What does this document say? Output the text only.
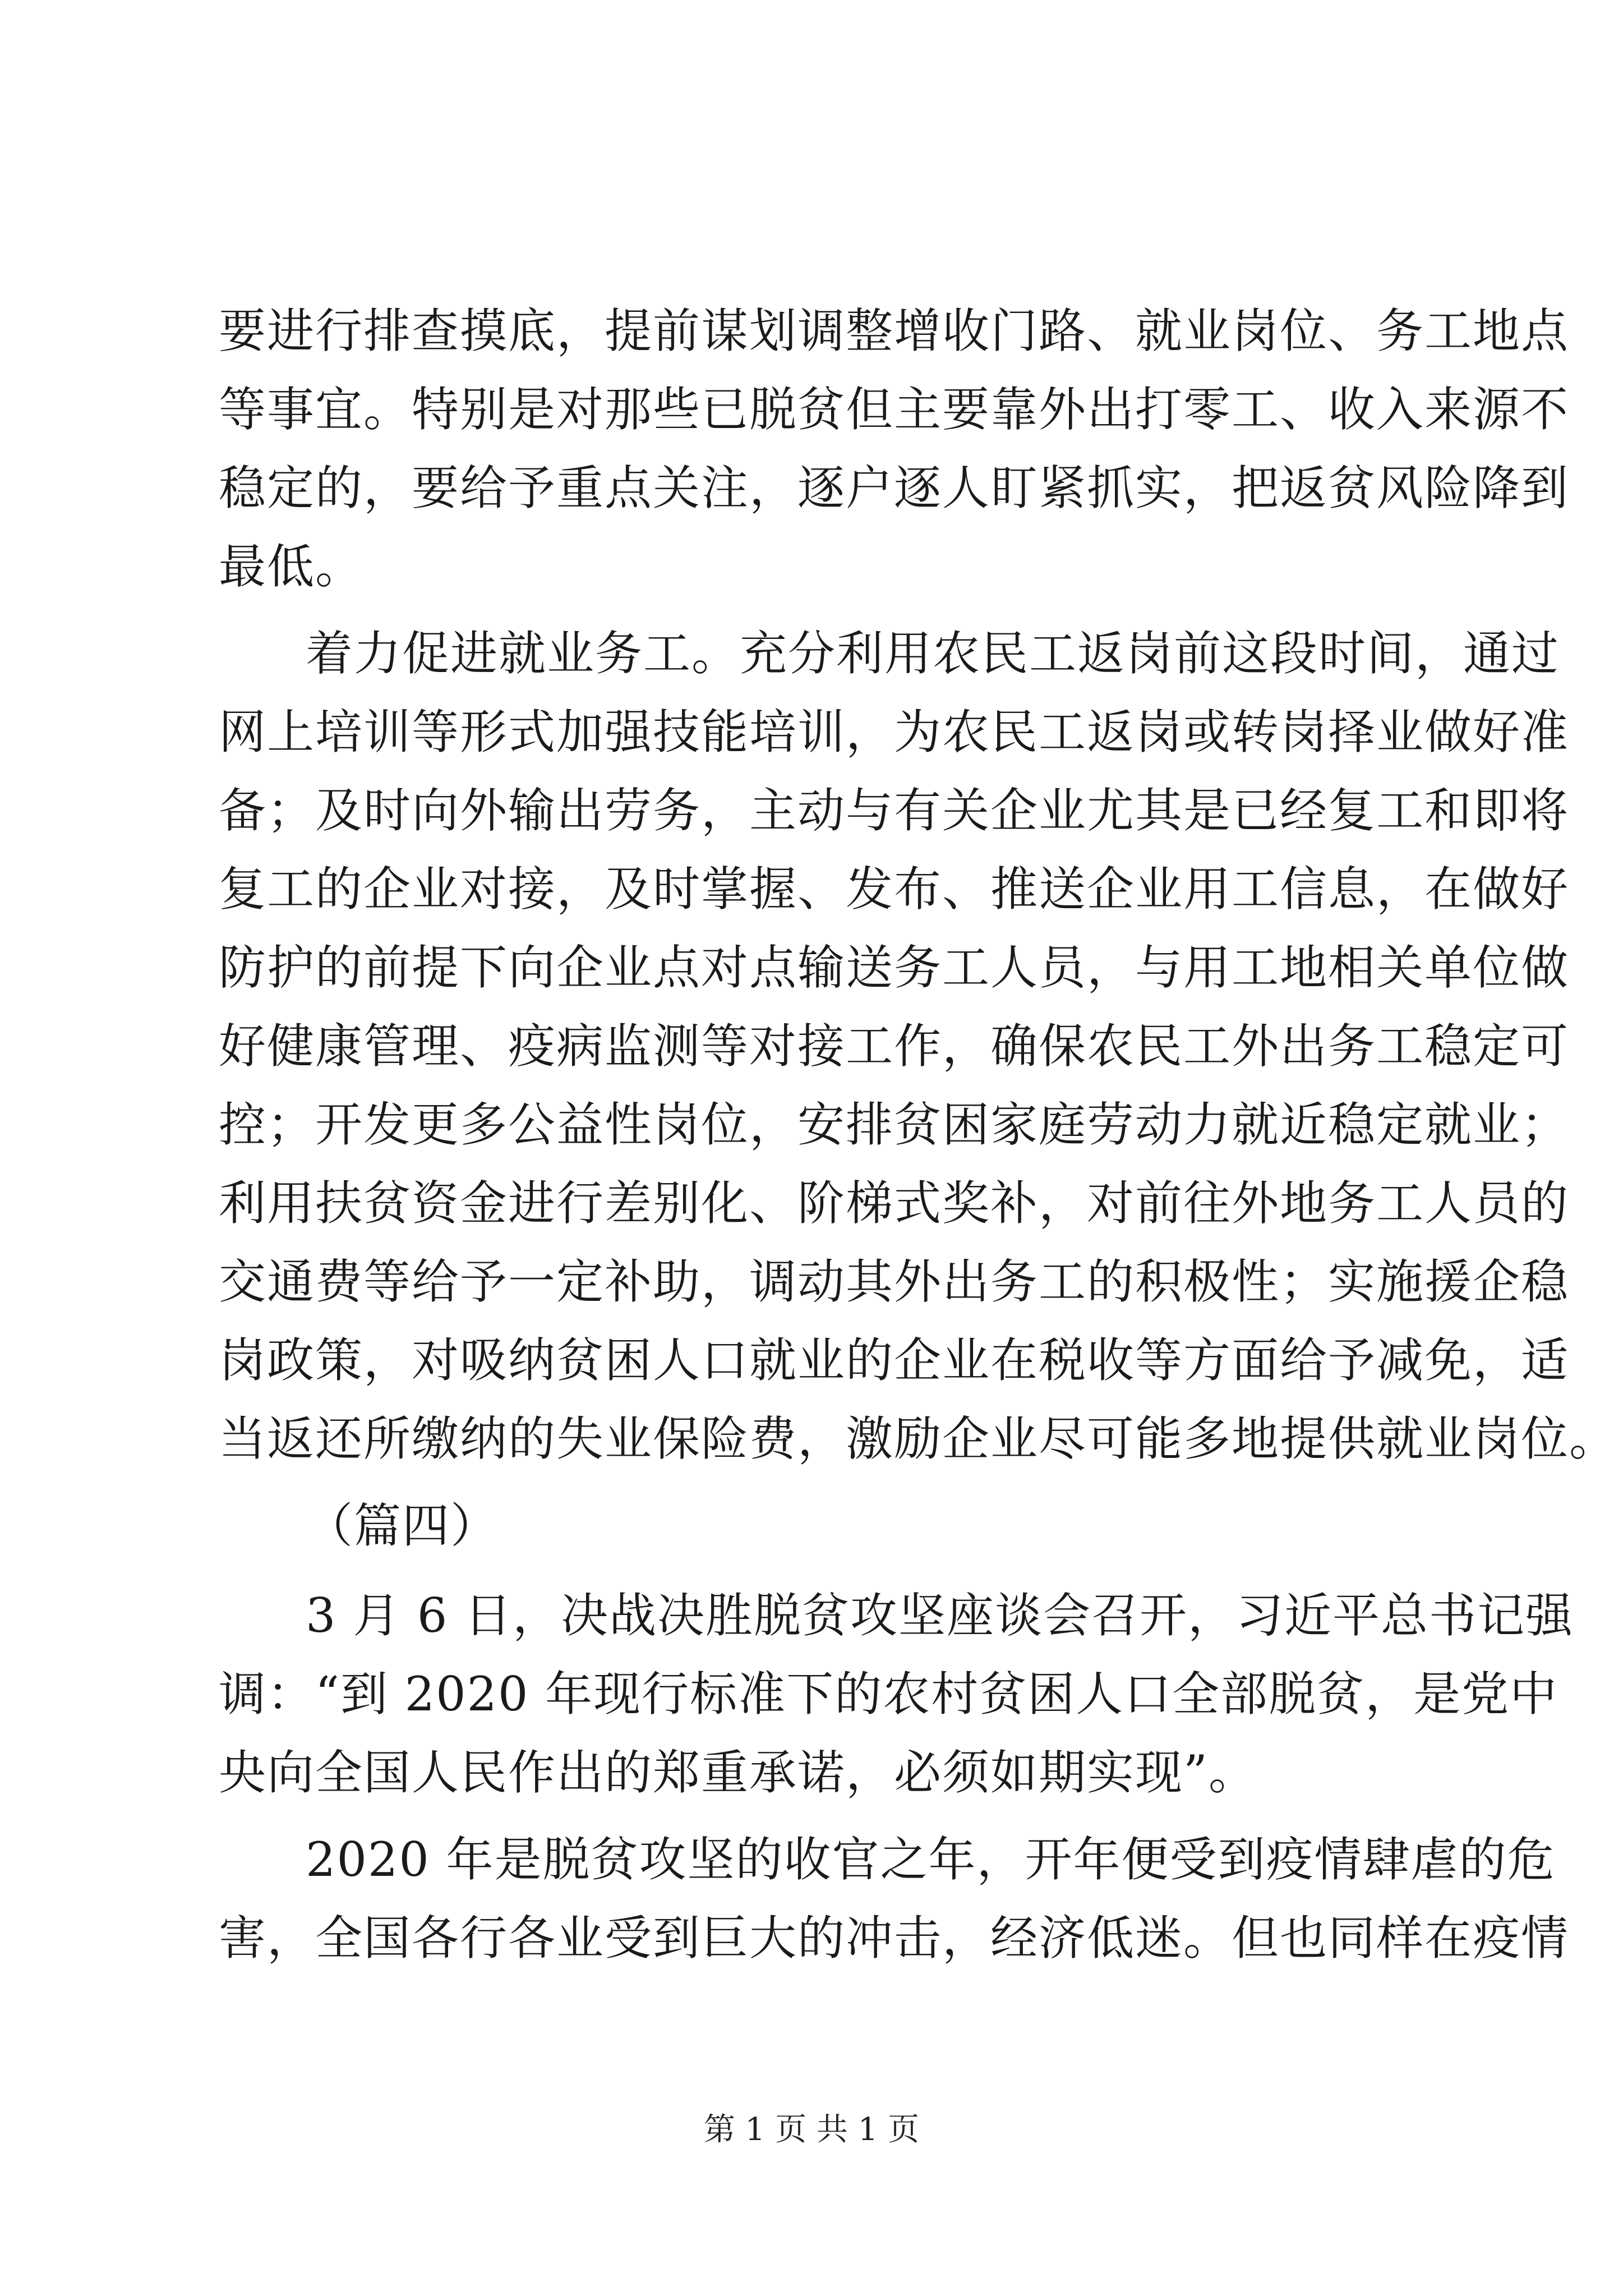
要进行排查摸底，提前谋划调整增收门路、就业岗位、务工地点
等事宜。特别是对那些已脱贫但主要靠外出打零工、收入来源不
稳定的，要给予重点关注，逐户逐人盯紧抓实，把返贫风险降到
最低。
着力促进就业务工。充分利用农民工返岗前这段时间，通过
网上培训等形式加强技能培训，为农民工返岗或转岗择业做好准
备；及时向外输出劳务，主动与有关企业尤其是已经复工和即将
复工的企业对接，及时掌握、发布、推送企业用工信息，在做好
防护的前提下向企业点对点输送务工人员，与用工地相关单位做
好健康管理、疫病监测等对接工作，确保农民工外出务工稳定可
控；开发更多公益性岗位，安排贫困家庭劳动力就近稳定就业；
利用扶贫资金进行差别化、阶梯式奖补，对前往外地务工人员的
交通费等给予一定补助，调动其外出务工的积极性；实施援企稳
岗政策，对吸纳贫困人口就业的企业在税收等方面给予减免，适
当返还所缴纳的失业保险费，激励企业尽可能多地提供就业岗位。
（篇四）
3 月 6 日，决战决胜脱贫攻坚座谈会召开，习近平总书记强
调：“到 2020 年现行标准下的农村贫困人口全部脱贫，是党中
央向全国人民作出的郑重承诺，必须如期实现”。
2020 年是脱贫攻坚的收官之年，开年便受到疫情肆虐的危
害，全国各行各业受到巨大的冲击，经济低迷。但也同样在疫情
第 1 页 共 1 页
